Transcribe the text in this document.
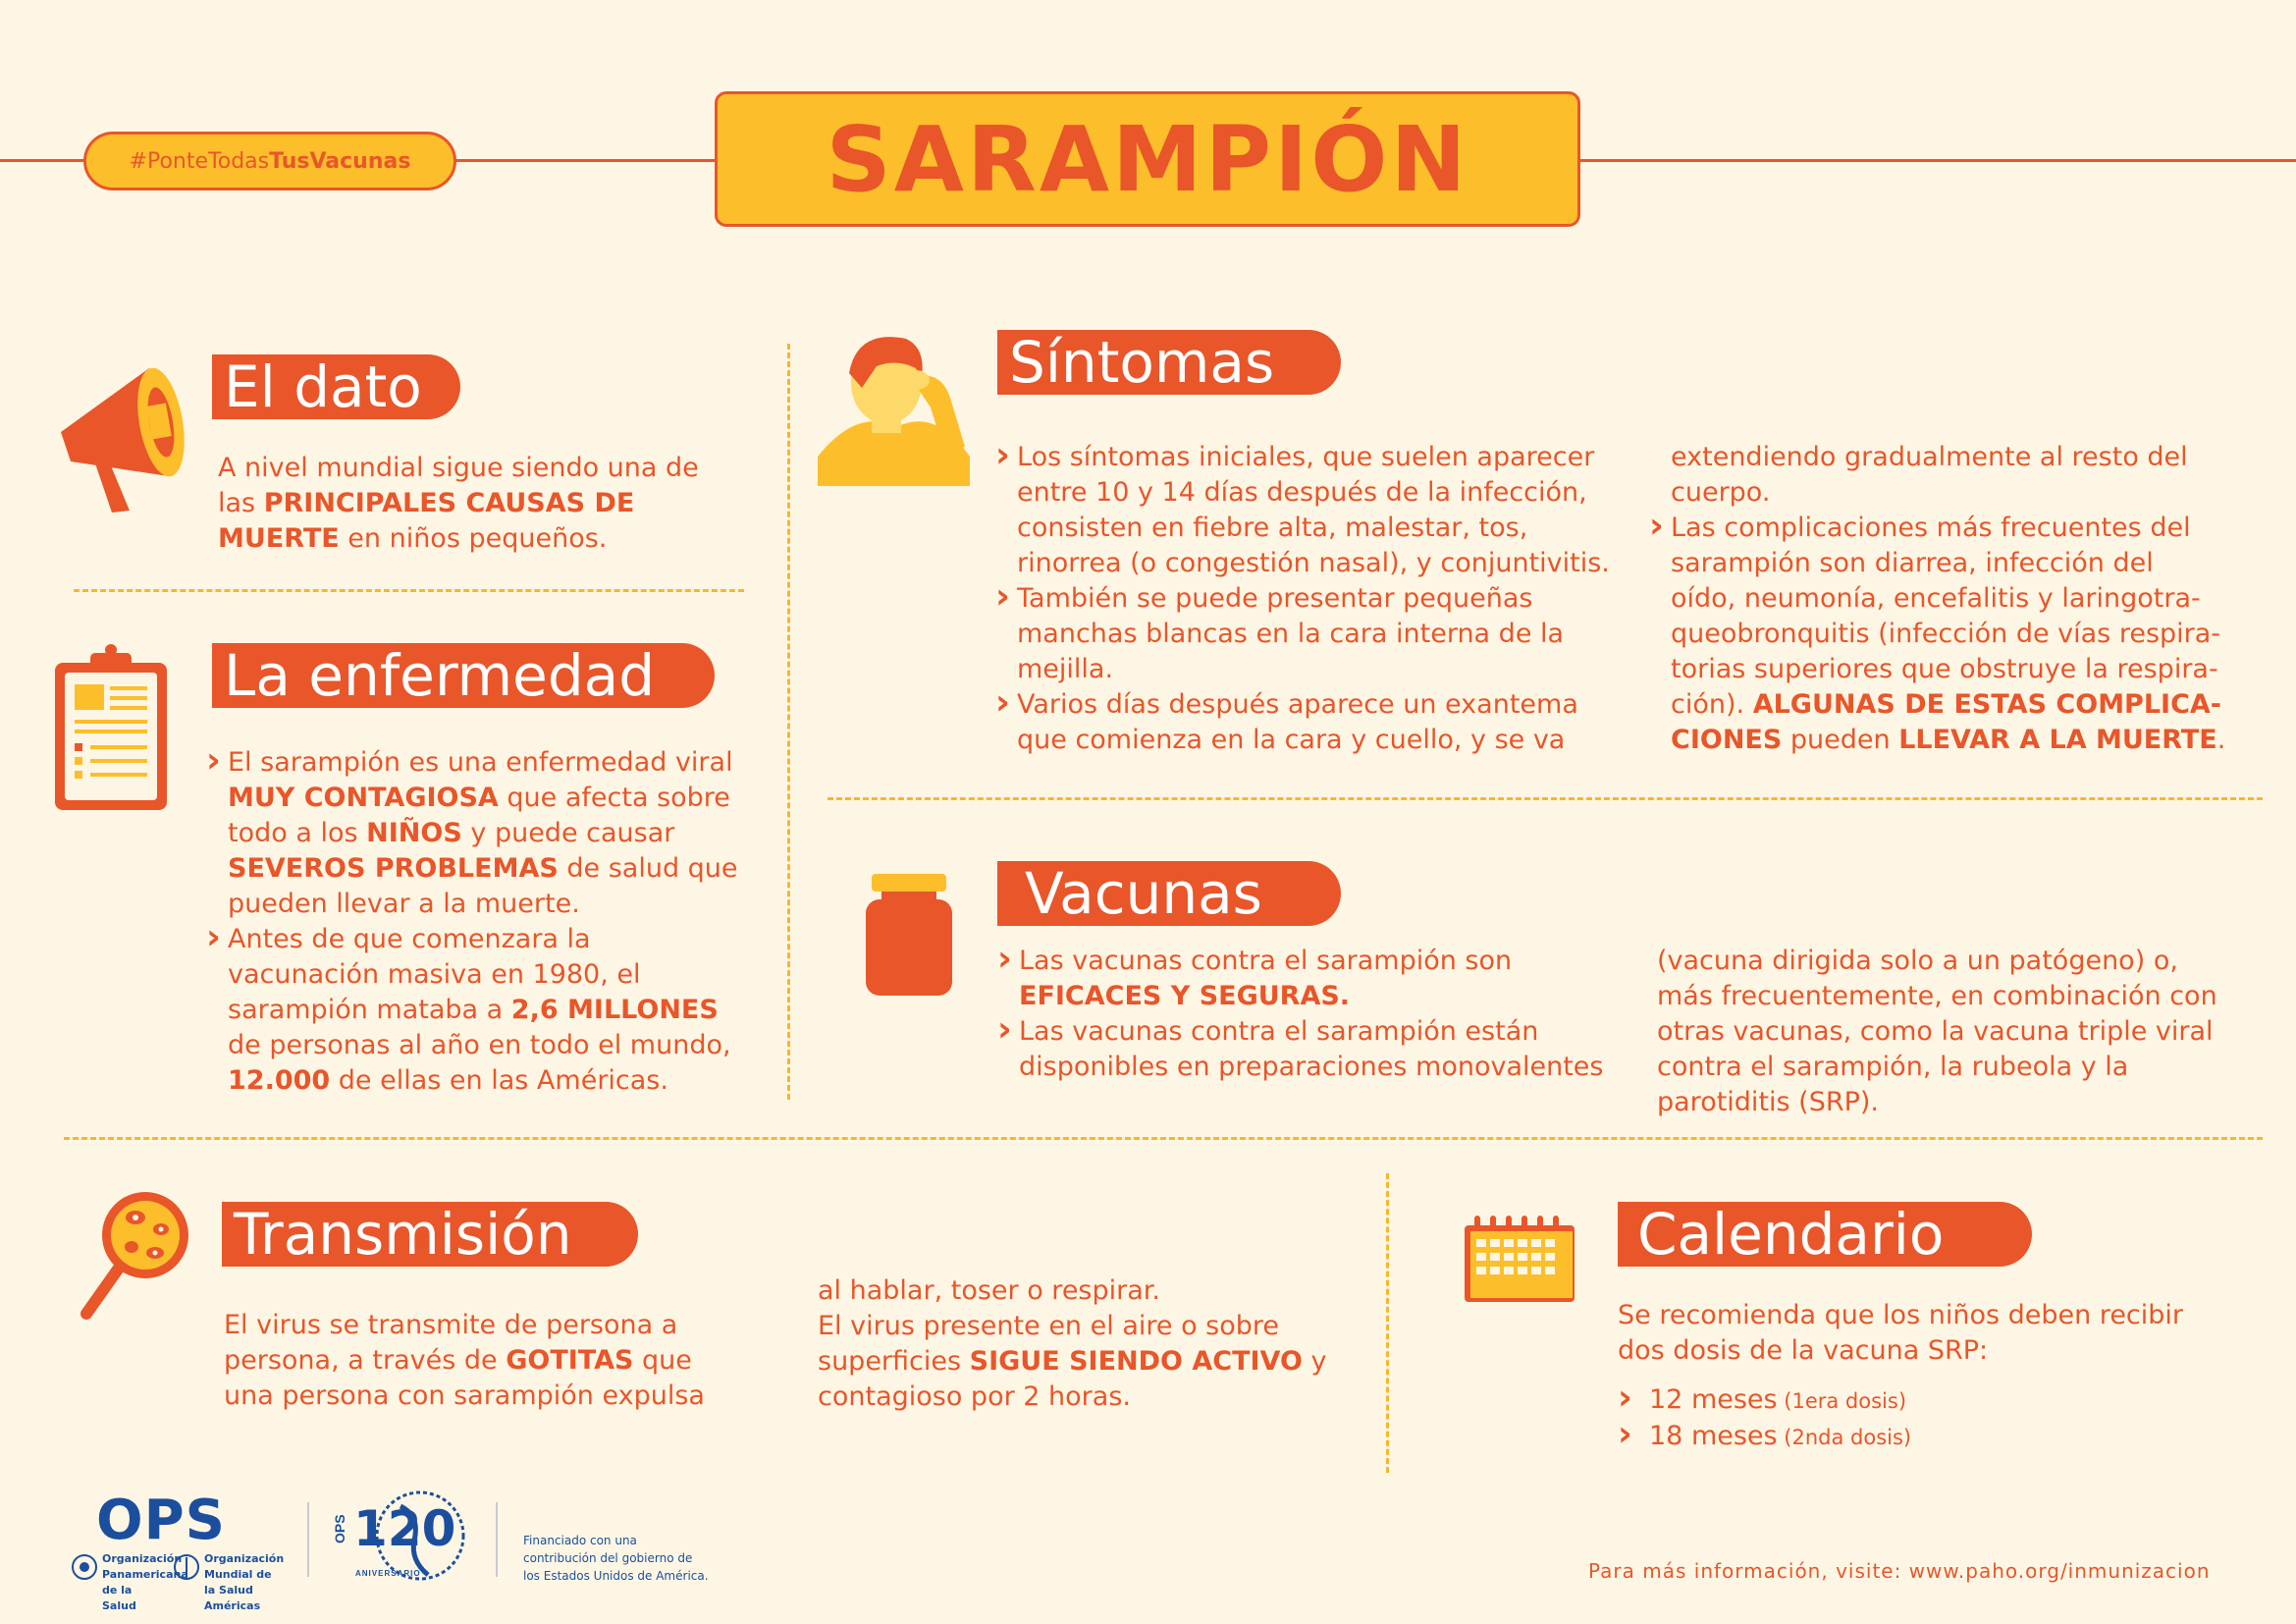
#PonteTodasTusVacunas	SARAMPIÓN
El dato
A nivel mundial sigue siendo una de
las PRINCIPALES CAUSAS DE
MUERTE en niños pequeños.
La enfermedad
› El sarampión es una enfermedad viral
MUY CONTAGIOSA que afecta sobre
todo a los NIÑOS y puede causar
SEVEROS PROBLEMAS de salud que
pueden llevar a la muerte.
› Antes de que comenzara la
vacunación masiva en 1980, el
sarampión mataba a 2,6 MILLONES
de personas al año en todo el mundo,
12.000 de ellas en las Américas.
Síntomas
› Los síntomas iniciales, que suelen aparecer
entre 10 y 14 días después de la infección,
consisten en fiebre alta, malestar, tos,
rinorrea (o congestión nasal), y conjuntivitis.
› También se puede presentar pequeñas
manchas blancas en la cara interna de la
mejilla.
› Varios días después aparece un exantema
que comienza en la cara y cuello, y se va
extendiendo gradualmente al resto del
cuerpo.
› Las complicaciones más frecuentes del
sarampión son diarrea, infección del
oído, neumonía, encefalitis y laringotra-
queobronquitis (infección de vías respira-
torias superiores que obstruye la respira-
ción). ALGUNAS DE ESTAS COMPLICA-
CIONES pueden LLEVAR A LA MUERTE.
Vacunas
› Las vacunas contra el sarampión son
EFICACES Y SEGURAS.
› Las vacunas contra el sarampión están
disponibles en preparaciones monovalentes
(vacuna dirigida solo a un patógeno) o,
más frecuentemente, en combinación con
otras vacunas, como la vacuna triple viral
contra el sarampión, la rubeola y la
parotiditis (SRP).
Transmisión
El virus se transmite de persona a
persona, a través de GOTITAS que
una persona con sarampión expulsa
al hablar, toser o respirar.
El virus presente en el aire o sobre
superficies SIGUE SIENDO ACTIVO y
contagioso por 2 horas.
Calendario
Se recomienda que los niños deben recibir
dos dosis de la vacuna SRP:
› 12 meses (1era dosis)
› 18 meses (2nda dosis)
OPS
Organización Panamericana de la Salud
Organización Mundial de la Salud
Américas
OPS 120
ANIVERSARIO
Financiado con una
contribución del gobierno de
los Estados Unidos de América.	Para más información, visite: www.paho.org/inmunizacion
